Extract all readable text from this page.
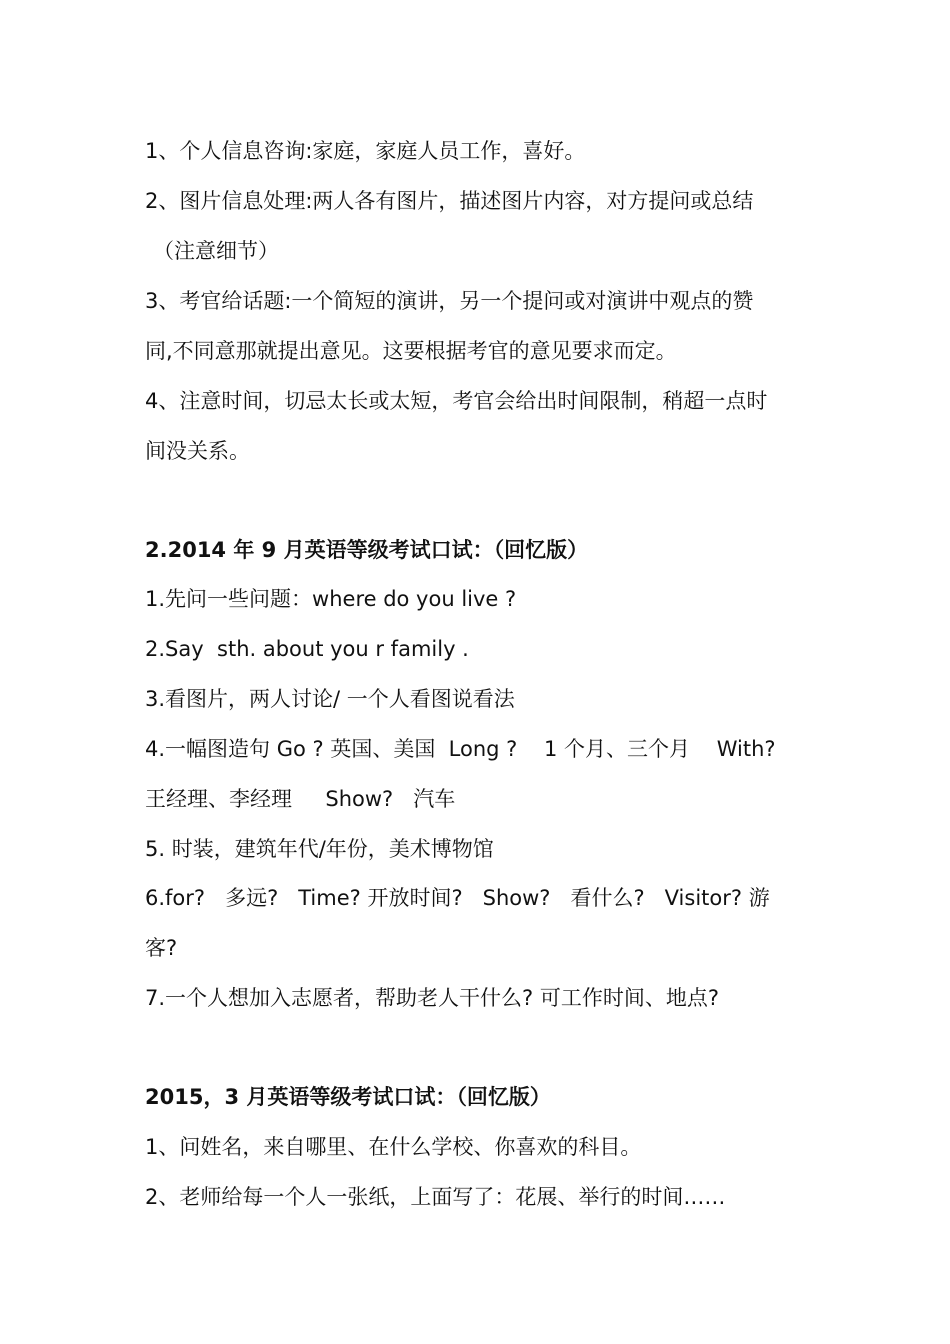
1、个人信息咨询:家庭，家庭人员工作，喜好。
2、图片信息处理:两人各有图片，描述图片内容，对方提问或总结
（注意细节）
3、考官给话题:一个简短的演讲，另一个提问或对演讲中观点的赞
同,不同意那就提出意见。这要根据考官的意见要求而定。
4、注意时间，切忌太长或太短，考官会给出时间限制，稍超一点时
间没关系。
2.2014 年 9 月英语等级考试口试：（回忆版）
1.先问一些问题：where do you live ?
2.Say  sth. about you r family .
3.看图片，两人讨论/ 一个人看图说看法
4.一幅图造句 Go ? 英国、美国  Long ?    1 个月、三个月    With?
王经理、李经理     Show?   汽车
5. 时装，建筑年代/年份，美术博物馆
6.for?   多远?   Time? 开放时间?   Show?   看什么?   Visitor? 游
客?
7.一个人想加入志愿者，帮助老人干什么? 可工作时间、地点?
2015，3 月英语等级考试口试：（回忆版）
1、问姓名，来自哪里、在什么学校、你喜欢的科目。
2、老师给每一个人一张纸，上面写了：花展、举行的时间……
